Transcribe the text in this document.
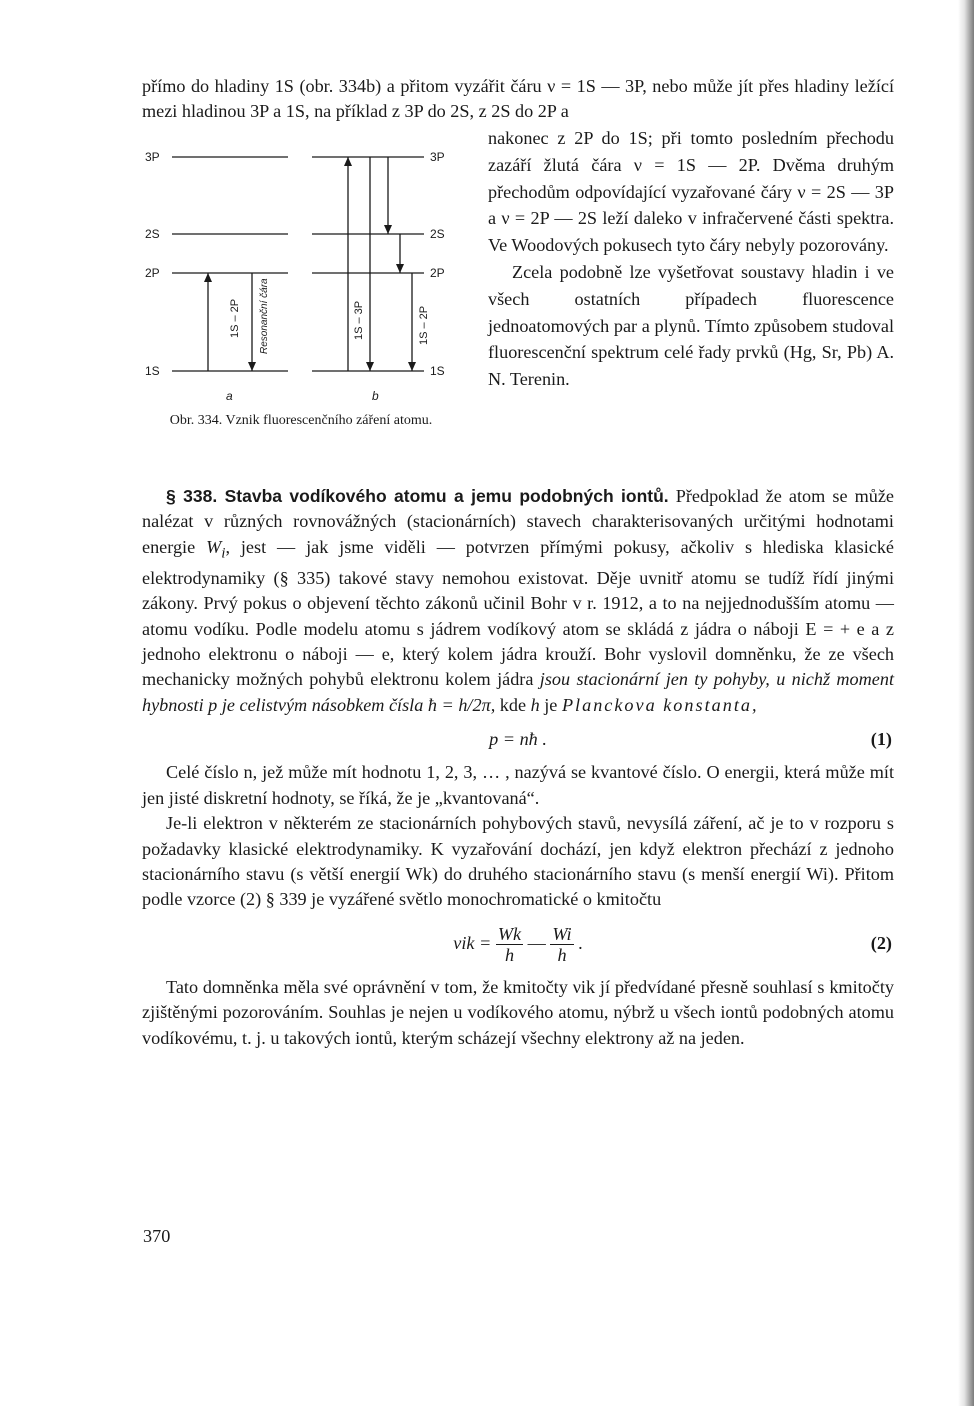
přímo do hladiny 1S (obr. 334b) a přitom vyzářit čáru ν = 1S — 3P, nebo může jít přes hladiny ležící mezi hladinou 3P a 1S, na příklad z 3P do 2S, z 2S do 2P a
3P
2S
2P
1S
3P
2S
2P
1S
a	b
1S – 2P Resonanční čára	1S – 3P	1S – 2P
Obr. 334. Vznik fluorescenčního záření atomu.

nakonec z 2P do 1S; při tomto posledním přechodu zazáří žlutá čára ν = 1S — 2P. Dvěma druhým přechodům odpovídající vyzařované čáry ν = 2S — 3P a ν = 2P — 2S leží daleko v infračervené části spektra. Ve Woodových pokusech tyto čáry nebyly pozorovány.

Zcela podobně lze vyšetřovat soustavy hladin i ve všech ostatních případech fluorescence jednoatomových par a plynů. Tímto způsobem studoval fluorescenční spektrum celé řady prvků (Hg, Sr, Pb) A. N. Terenin.

§ 338. Stavba vodíkového atomu a jemu podobných iontů. Předpoklad že atom se může nalézat v různých rovnovážných (stacionárních) stavech charakterisovaných určitými hodnotami energie $W_i$, jest — jak jsme viděli — potvrzen přímými pokusy, ačkoliv s hlediska klasické elektrodynamiky (§ 335) takové stavy nemohou existovat. Děje uvnitř atomu se tudíž řídí jinými zákony. Prvý pokus o objevení těchto zákonů učinil Bohr v r. 1912, a to na nejjednodušším atomu — atomu vodíku. Podle modelu atomu s jádrem vodíkový atom se skládá z jádra o náboji E = + e a z jednoho elektronu o náboji — e, který kolem jádra krouží. Bohr vyslovil domněnku, že ze všech mechanicky možných pohybů elektronu kolem jádra jsou stacionární jen ty pohyby, u nichž moment hybnosti p je celistvým násobkem čísla ħ = h/2π, kde h je Planckova konstanta,

p = nħ .	(1)

Celé číslo n, jež může mít hodnotu 1, 2, 3, … , nazývá se kvantové číslo. O energii, která může mít jen jisté diskretní hodnoty, se říká, že je „kvantovaná“.

Je-li elektron v některém ze stacionárních pohybových stavů, nevysílá záření, ač je to v rozporu s požadavky klasické elektrodynamiky. K vyzařování dochází, jen když elektron přechází z jednoho stacionárního stavu (s větší energií Wk) do druhého stacionárního stavu (s menší energií Wi). Přitom podle vzorce (2) § 339 je vyzářené světlo monochromatické o kmitočtu

$\nu ik = \frac{Wk}{h}$ — $\frac{Wi}{h}$ .	(2)

Tato domněnka měla své oprávnění v tom, že kmitočty νik jí předvídané přesně souhlasí s kmitočty zjištěnými pozorováním. Souhlas je nejen u vodíkového atomu, nýbrž u všech iontů podobných atomu vodíkovému, t. j. u takových iontů, kterým scházejí všechny elektrony až na jeden.

370
